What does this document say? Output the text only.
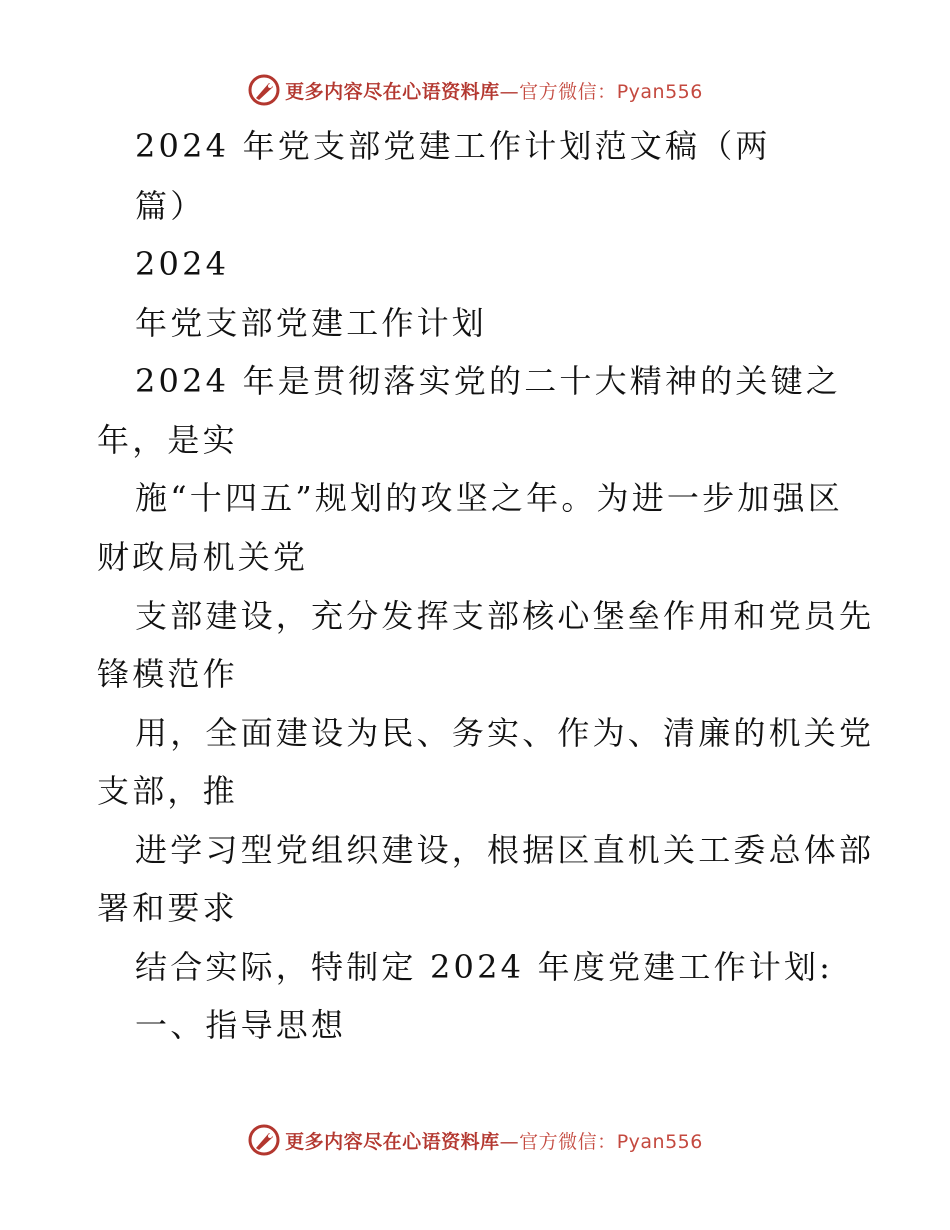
更多内容尽在心语资料库—官方微信：Pyan556
2024 年党支部党建工作计划范文稿（两
篇）
2024
年党支部党建工作计划
2024 年是贯彻落实党的二十大精神的关键之
年，是实
施“十四五”规划的攻坚之年。为进一步加强区
财政局机关党
支部建设，充分发挥支部核心堡垒作用和党员先
锋模范作
用，全面建设为民、务实、作为、清廉的机关党
支部，推
进学习型党组织建设，根据区直机关工委总体部
署和要求
结合实际，特制定 2024 年度党建工作计划:
一、指导思想
更多内容尽在心语资料库—官方微信：Pyan556
